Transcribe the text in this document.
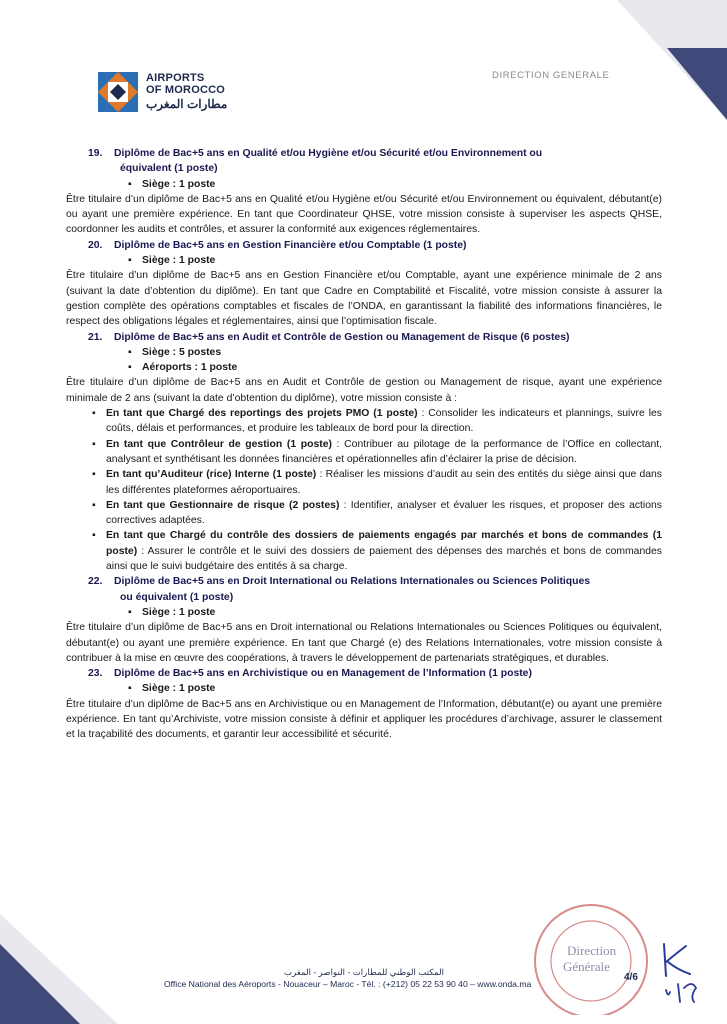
DIRECTION GENERALE
AIRPORTS
OF MOROCCO
مطارات المغرب

19. Diplôme de Bac+5 ans en Qualité et/ou Hygiène et/ou Sécurité et/ou Environnement ou

équivalent (1 poste)

▪ Siège : 1 poste

Être titulaire d’un diplôme de Bac+5 ans en Qualité et/ou Hygiène et/ou Sécurité et/ou Environnement ou équivalent, débutant(e) ou ayant une première expérience. En tant que Coordinateur QHSE, votre mission consiste à superviser les aspects QHSE, coordonner les audits et contrôles, et assurer la conformité aux exigences réglementaires.

20. Diplôme de Bac+5 ans en Gestion Financière et/ou Comptable (1 poste)

▪ Siège : 1 poste

Être titulaire d’un diplôme de Bac+5 ans en Gestion Financière et/ou Comptable, ayant une expérience minimale de 2 ans (suivant la date d’obtention du diplôme). En tant que Cadre en Comptabilité et Fiscalité, votre mission consiste à assurer la gestion complète des opérations comptables et fiscales de l’ONDA, en garantissant la fiabilité des informations financières, le respect des obligations légales et réglementaires, ainsi que l’optimisation fiscale.

21. Diplôme de Bac+5 ans en Audit et Contrôle de Gestion ou Management de Risque (6 postes)

▪ Siège : 5 postes

▪ Aéroports : 1 poste

Être titulaire d’un diplôme de Bac+5 ans en Audit et Contrôle de gestion ou Management de risque, ayant une expérience minimale de 2 ans (suivant la date d’obtention du diplôme), votre mission consiste à :

▪ En tant que Chargé des reportings des projets PMO (1 poste) : Consolider les indicateurs et plannings, suivre les coûts, délais et performances, et produire les tableaux de bord pour la direction.

▪ En tant que Contrôleur de gestion (1 poste) : Contribuer au pilotage de la performance de l’Office en collectant, analysant et synthétisant les données financières et opérationnelles afin d’éclairer la prise de décision.

▪ En tant qu’Auditeur (rice) Interne (1 poste) : Réaliser les missions d’audit au sein des entités du siège ainsi que dans les différentes plateformes aéroportuaires.

▪ En tant que Gestionnaire de risque (2 postes) : Identifier, analyser et évaluer les risques, et proposer des actions correctives adaptées.

▪ En tant que Chargé du contrôle des dossiers de paiements engagés par marchés et bons de commandes (1 poste) : Assurer le contrôle et le suivi des dossiers de paiement des dépenses des marchés et bons de commandes ainsi que le suivi budgétaire des entités à sa charge.

22. Diplôme de Bac+5 ans en Droit International ou Relations Internationales ou Sciences Politiques

ou équivalent (1 poste)

▪ Siège : 1 poste

Être titulaire d’un diplôme de Bac+5 ans en Droit international ou Relations Internationales ou Sciences Politiques ou équivalent, débutant(e) ou ayant une première expérience. En tant que Chargé (e) des Relations Internationales, votre mission consiste à contribuer à la mise en œuvre des coopérations, à travers le développement de partenariats stratégiques, et durables.

23. Diplôme de Bac+5 ans en Archivistique ou en Management de l’Information (1 poste)

▪ Siège : 1 poste

Être titulaire d’un diplôme de Bac+5 ans en Archivistique ou en Management de l’Information, débutant(e) ou ayant une première expérience. En tant qu’Archiviste, votre mission consiste à définir et appliquer les procédures d’archivage, assurer le classement et la traçabilité des documents, et garantir leur accessibilité et sécurité.

Direction
Générale
المكتب الوطني للمطارات - النواصر - المغرب
Office National des Aéroports - Nouaceur – Maroc - Tél. : (+212) 05 22 53 90 40 – www.onda.ma
4/6
